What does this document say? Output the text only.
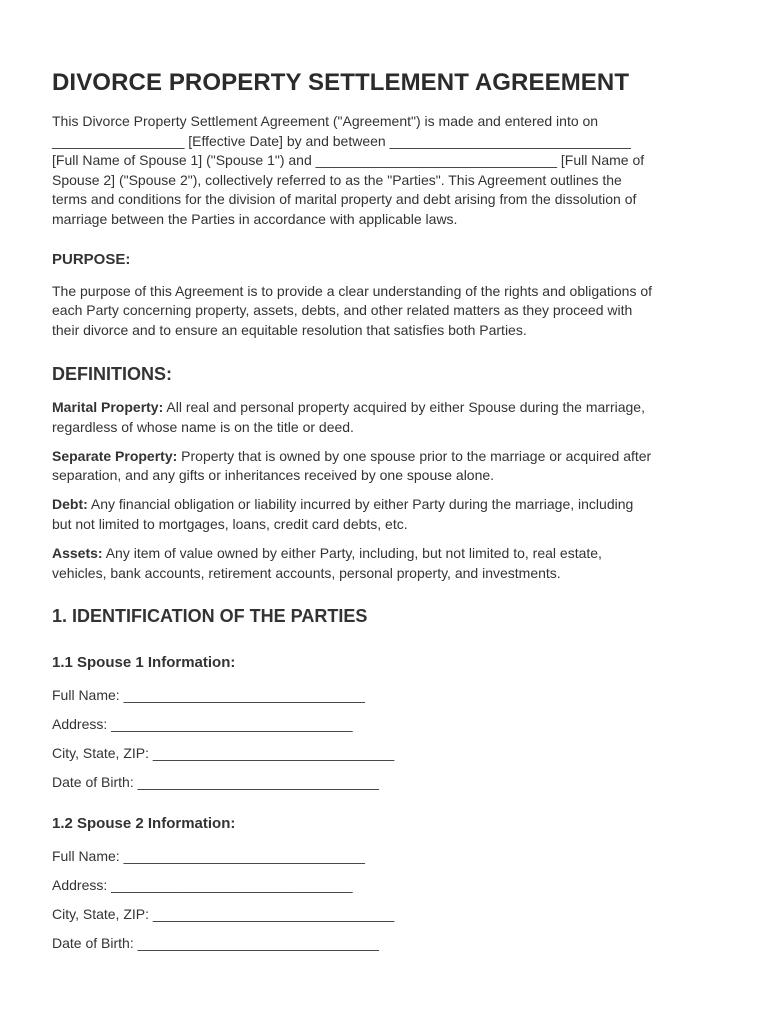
DIVORCE PROPERTY SETTLEMENT AGREEMENT

This Divorce Property Settlement Agreement ("Agreement") is made and entered into on

_________________ [Effective Date] by and between _______________________________

[Full Name of Spouse 1] ("Spouse 1") and _______________________________ [Full Name of

Spouse 2] ("Spouse 2"), collectively referred to as the "Parties". This Agreement outlines the

terms and conditions for the division of marital property and debt arising from the dissolution of

marriage between the Parties in accordance with applicable laws.

PURPOSE:

The purpose of this Agreement is to provide a clear understanding of the rights and obligations of

each Party concerning property, assets, debts, and other related matters as they proceed with

their divorce and to ensure an equitable resolution that satisfies both Parties.

DEFINITIONS:

Marital Property: All real and personal property acquired by either Spouse during the marriage,

regardless of whose name is on the title or deed.

Separate Property: Property that is owned by one spouse prior to the marriage or acquired after

separation, and any gifts or inheritances received by one spouse alone.

Debt: Any financial obligation or liability incurred by either Party during the marriage, including

but not limited to mortgages, loans, credit card debts, etc.

Assets: Any item of value owned by either Party, including, but not limited to, real estate,

vehicles, bank accounts, retirement accounts, personal property, and investments.

1. IDENTIFICATION OF THE PARTIES
1.1 Spouse 1 Information:

Full Name: _______________________________

Address: _______________________________

City, State, ZIP: _______________________________

Date of Birth: _______________________________

1.2 Spouse 2 Information:

Full Name: _______________________________

Address: _______________________________

City, State, ZIP: _______________________________

Date of Birth: _______________________________
